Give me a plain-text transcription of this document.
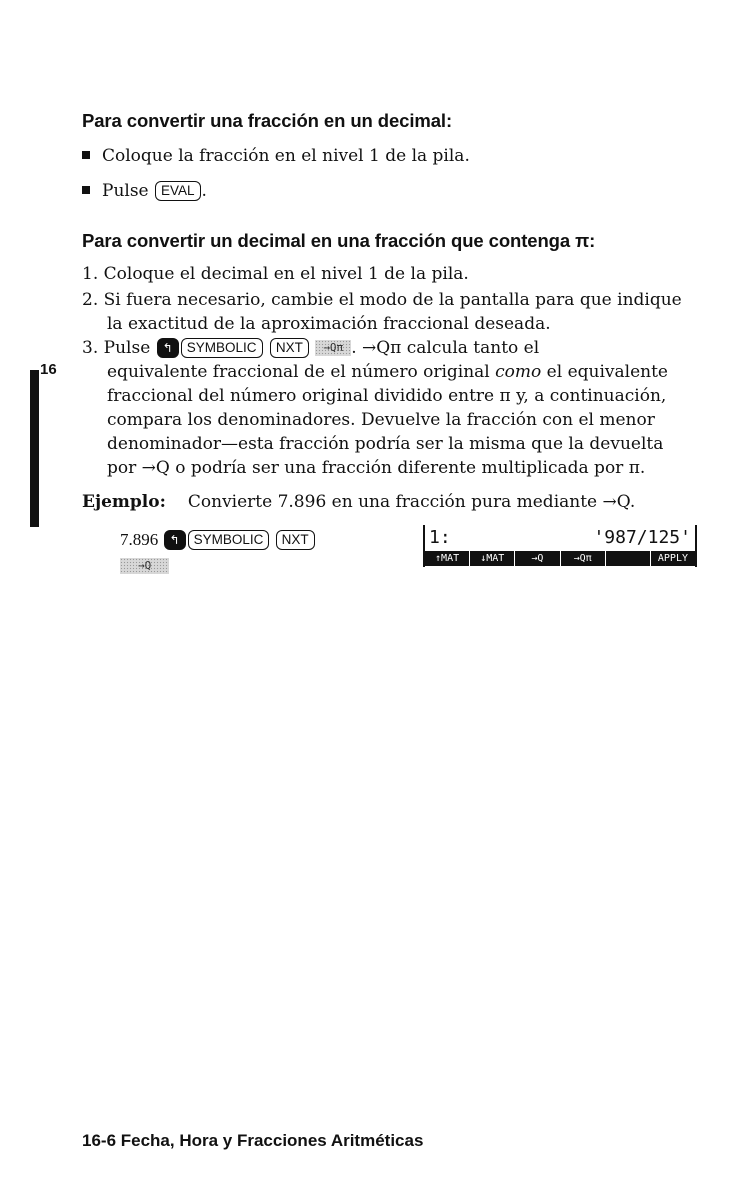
Para convertir una fracción en un decimal:
Coloque la fracción en el nivel 1 de la pila.
Pulse EVAL .
Para convertir un decimal en una fracción que contenga π:
1. Coloque el decimal en el nivel 1 de la pila.
2. Si fuera necesario, cambie el modo de la pantalla para que indique
la exactitud de la aproximación fraccional deseada.
3. Pulse ↰ SYMBOLIC NXT →Qπ . →Qπ calcula tanto el
equivalente fraccional de el número original como el equivalente
fraccional del número original dividido entre π y, a continuación,
compara los denominadores. Devuelve la fracción con el menor
denominador—esta fracción podría ser la misma que la devuelta
por →Q o podría ser una fracción diferente multiplicada por π.
16
Ejemplo: Convierte 7.896 en una fracción pura mediante →Q.
7.896 ↰ SYMBOLIC NXT
→Q
1:	'987/125'
↑MAT	↓MAT	→Q	→Qπ	APPLY
16-6 Fecha, Hora y Fracciones Aritméticas
